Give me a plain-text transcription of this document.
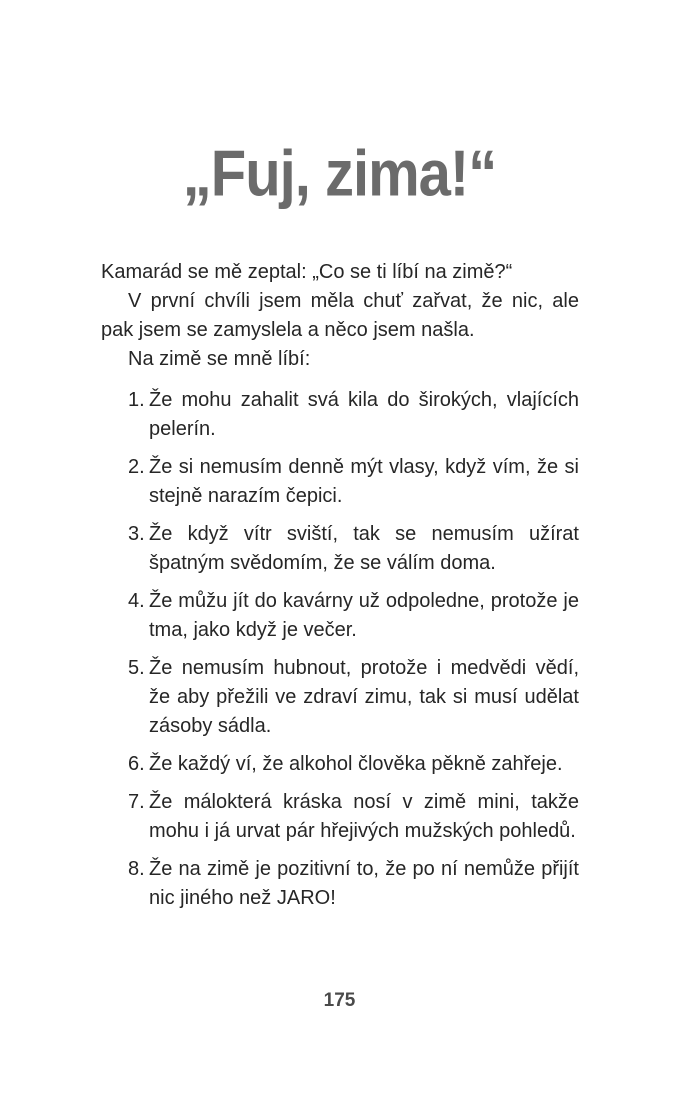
„Fuj, zima!“

Kamarád se mě zeptal: „Co se ti líbí na zimě?“

V první chvíli jsem měla chuť zařvat, že nic, ale pak jsem se zamyslela a něco jsem našla.

Na zimě se mně líbí:

1. Že mohu zahalit svá kila do širokých, vlajících pelerín.
2. Že si nemusím denně mýt vlasy, když vím, že si stejně narazím čepici.
3. Že když vítr sviští, tak se nemusím užírat špatným svědomím, že se válím doma.
4. Že můžu jít do kavárny už odpoledne, protože je tma, jako když je večer.
5. Že nemusím hubnout, protože i medvědi vědí, že aby přežili ve zdraví zimu, tak si musí udělat zásoby sádla.
6. Že každý ví, že alkohol člověka pěkně zahřeje.
7. Že málokterá kráska nosí v zimě mini, takže mohu i já urvat pár hřejivých mužských pohledů.
8. Že na zimě je pozitivní to, že po ní nemůže přijít nic jiného než JARO!
175
